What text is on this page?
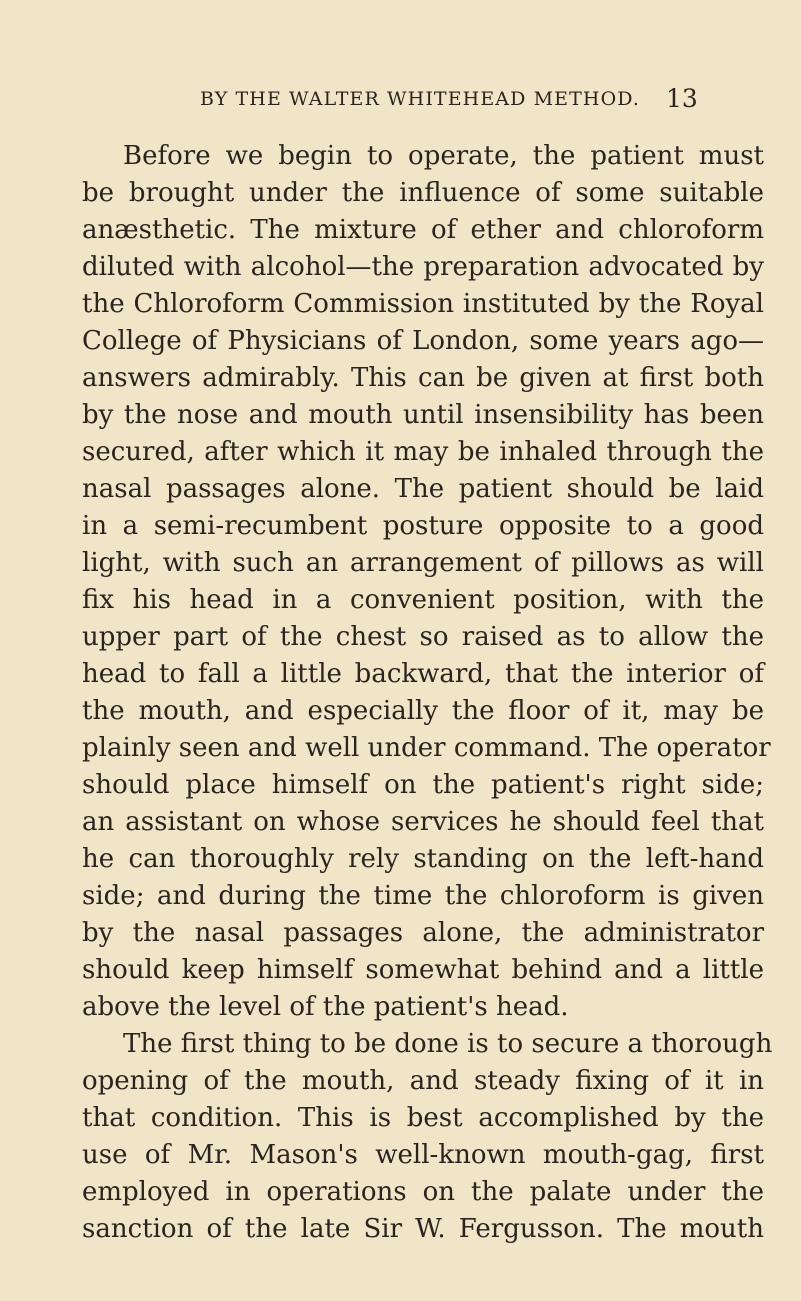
BY THE WALTER WHITEHEAD METHOD. 13
Before we begin to operate, the patient must
be brought under the influence of some suitable
anæsthetic. The mixture of ether and chloroform
diluted with alcohol—the preparation advocated by
the Chloroform Commission instituted by the Royal
College of Physicians of London, some years ago—
answers admirably. This can be given at first both
by the nose and mouth until insensibility has been
secured, after which it may be inhaled through the
nasal passages alone. The patient should be laid
in a semi-recumbent posture opposite to a good
light, with such an arrangement of pillows as will
fix his head in a convenient position, with the
upper part of the chest so raised as to allow the
head to fall a little backward, that the interior of
the mouth, and especially the floor of it, may be
plainly seen and well under command. The operator
should place himself on the patient's right side;
an assistant on whose services he should feel that
he can thoroughly rely standing on the left-hand
side; and during the time the chloroform is given
by the nasal passages alone, the administrator
should keep himself somewhat behind and a little
above the level of the patient's head.
The first thing to be done is to secure a thorough
opening of the mouth, and steady fixing of it in
that condition. This is best accomplished by the
use of Mr. Mason's well-known mouth-gag, first
employed in operations on the palate under the
sanction of the late Sir W. Fergusson. The mouth
